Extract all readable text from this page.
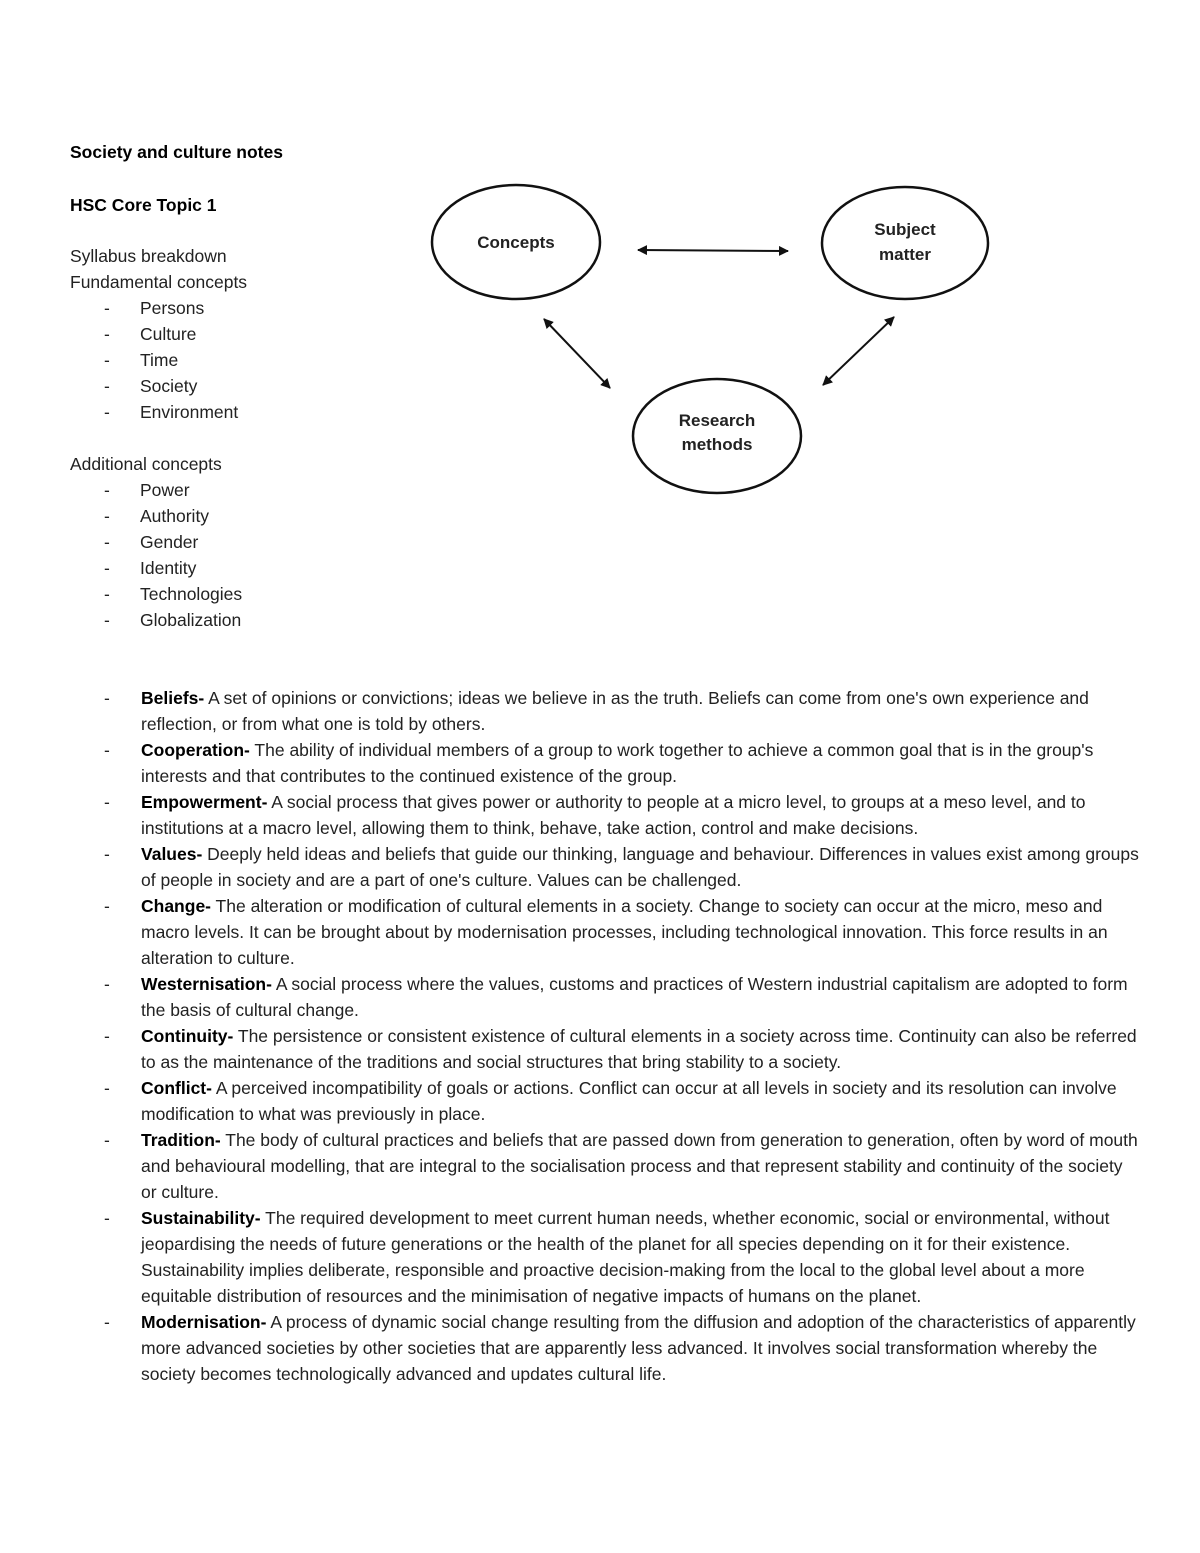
Society and culture notes
HSC Core Topic 1
Syllabus breakdown
Fundamental concepts
- Persons
- Culture
- Time
- Society
- Environment
Additional concepts
- Power
- Authority
- Gender
- Identity
- Technologies
- Globalization
Concepts
Subject
matter
Research
methods
- Beliefs- A set of opinions or convictions; ideas we believe in as the truth. Beliefs can come from one's own experience and reflection, or from what one is told by others.
- Cooperation- The ability of individual members of a group to work together to achieve a common goal that is in the group's interests and that contributes to the continued existence of the group.
- Empowerment- A social process that gives power or authority to people at a micro level, to groups at a meso level, and to institutions at a macro level, allowing them to think, behave, take action, control and make decisions.
- Values- Deeply held ideas and beliefs that guide our thinking, language and behaviour. Differences in values exist among groups of people in society and are a part of one's culture. Values can be challenged.
- Change- The alteration or modification of cultural elements in a society. Change to society can occur at the micro, meso and macro levels. It can be brought about by modernisation processes, including technological innovation. This force results in an alteration to culture.
- Westernisation- A social process where the values, customs and practices of Western industrial capitalism are adopted to form the basis of cultural change.
- Continuity- The persistence or consistent existence of cultural elements in a society across time. Continuity can also be referred to as the maintenance of the traditions and social structures that bring stability to a society.
- Conflict- A perceived incompatibility of goals or actions. Conflict can occur at all levels in society and its resolution can involve modification to what was previously in place.
- Tradition- The body of cultural practices and beliefs that are passed down from generation to generation, often by word of mouth and behavioural modelling, that are integral to the socialisation process and that represent stability and continuity of the society or culture.
- Sustainability- The required development to meet current human needs, whether economic, social or environmental, without jeopardising the needs of future generations or the health of the planet for all species depending on it for their existence. Sustainability implies deliberate, responsible and proactive decision-making from the local to the global level about a more equitable distribution of resources and the minimisation of negative impacts of humans on the planet.
- Modernisation- A process of dynamic social change resulting from the diffusion and adoption of the characteristics of apparently more advanced societies by other societies that are apparently less advanced. It involves social transformation whereby the society becomes technologically advanced and updates cultural life.
